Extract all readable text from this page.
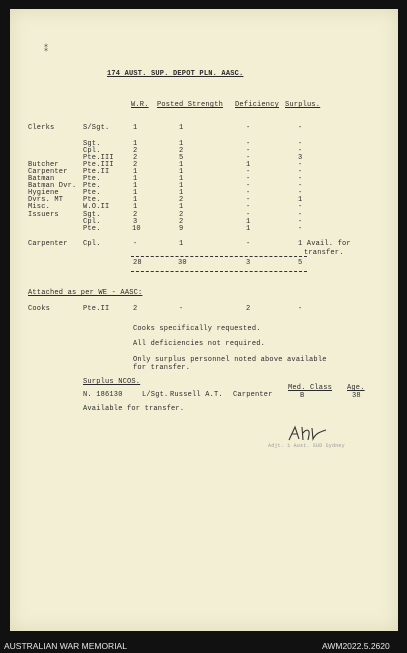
174 AUST. SUP. DEPOT PLN. AASC.
W.R. Posted Strength Deficiency Surplus.
Clerks	S/Sgt.	1	1	-	-
Sgt.	1	1	-	-
Cpl.	2	2	-	-
Pte.III	2	5	-	3
Butcher	Pte.III	2	1	1	-
Carpenter Pte.II	1	1	-	-
Batman	Pte.	1	1	-	-
Batman Dvr. Pte.	1	1	-	-
Hygiene	Pte.	1	1	-	-
Dvrs. MT	Pte.	1	2	-	1
Misc.	W.O.II	1	1	-	-
Issuers	Sgt.	2	2	-	-
Cpl.	3	2	1	-
Pte.	10	9	1	-
Carpenter Cpl.	-	1	-	1 Avail. for
transfer.
28	30	3	5
Attached as per WE - AASC:
Cooks	Pte.II	2	-	2	-
Cooks specifically requested.
All deficiencies not required.
Only surplus personnel noted above available
for transfer.
Surplus NCOS.
Med. Class Age.
N. 186130	L/Sgt. Russell A.T. Carpenter	B	38
Available for transfer.
Adjt. 1 Aust. SUD Sydney
⁑
AUSTRALIAN WAR MEMORIAL	AWM2022.5.2620
